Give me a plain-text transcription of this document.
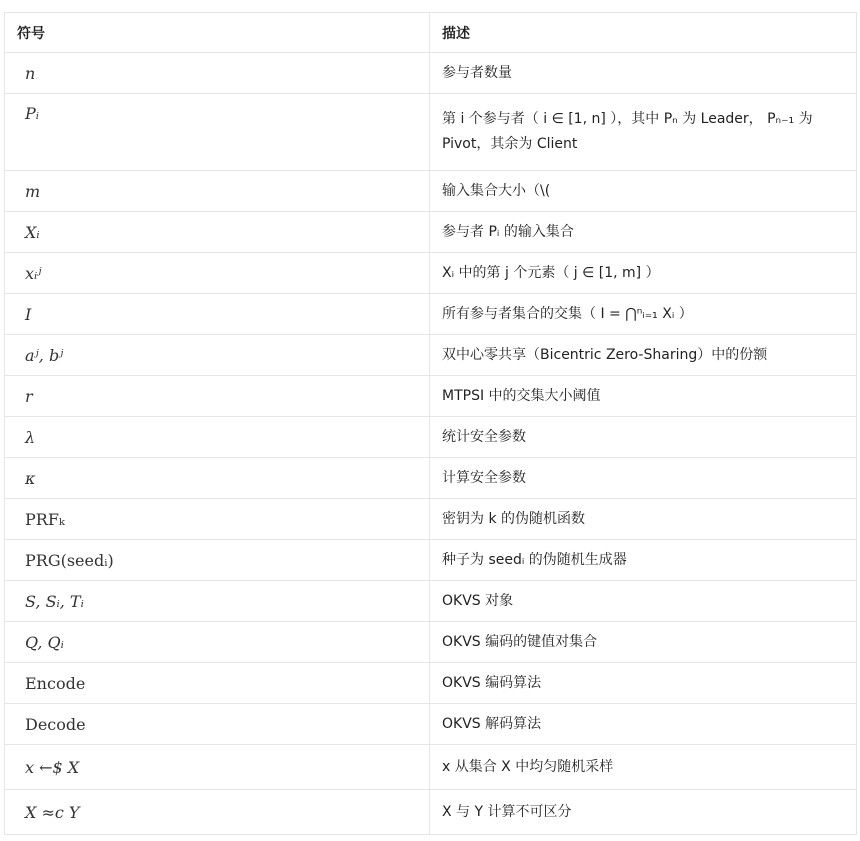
符号	描述
n	参与者数量
Pᵢ	第 i 个参与者（ i ∈ [1, n] ），其中 Pₙ 为 Leader， Pₙ₋₁ 为 Pivot，其余为 Client
m	输入集合大小（\(
Xᵢ	参与者 Pᵢ 的输入集合
xᵢʲ	Xᵢ 中的第 j 个元素（ j ∈ [1, m] ）
I	所有参与者集合的交集（ I = ⋂ⁿᵢ₌₁ Xᵢ ）
aʲ, bʲ	双中心零共享（Bicentric Zero-Sharing）中的份额
r	MTPSI 中的交集大小阈值
λ	统计安全参数
κ	计算安全参数
PRFₖ	密钥为 k 的伪随机函数
PRG(seedᵢ)	种子为 seedᵢ 的伪随机生成器
S, Sᵢ, Tᵢ	OKVS 对象
Q, Qᵢ	OKVS 编码的键值对集合
Encode	OKVS 编码算法
Decode	OKVS 解码算法
x ←$ X	x 从集合 X 中均匀随机采样
X ≈c Y	X 与 Y 计算不可区分
